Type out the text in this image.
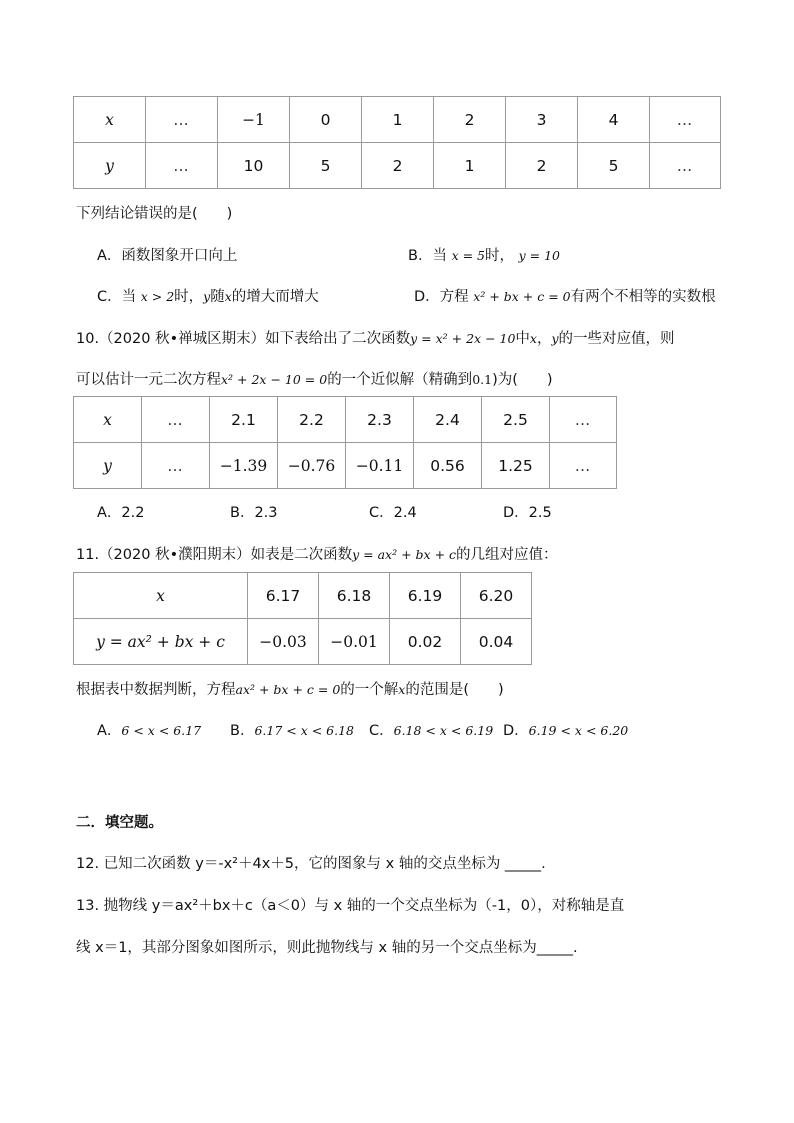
x	…	−1	0	1	2	3	4	…
y	…	10	5	2	1	2	5	…
下列结论错误的是(　　)
A．函数图象开口向上	B．当 x = 5时， y = 10
C．当 x > 2时，y随x的增大而增大	D．方程 x² + bx + c = 0有两个不相等的实数根
10.（2020 秋•禅城区期末）如下表给出了二次函数y = x² + 2x − 10中x，y的一些对应值，则
可以估计一元二次方程x² + 2x − 10 = 0的一个近似解（精确到0.1)为(　　)
x	…	2.1	2.2	2.3	2.4	2.5	…
y	…	−1.39	−0.76	−0.11	0.56	1.25	…
A．2.2	B．2.3	C．2.4	D．2.5
11.（2020 秋•濮阳期末）如表是二次函数y = ax² + bx + c的几组对应值：
x	6.17	6.18	6.19	6.20
y = ax² + bx + c	−0.03	−0.01	0.02	0.04
根据表中数据判断，方程ax² + bx + c = 0的一个解x的范围是(　　)
A．6 < x < 6.17 B．6.17 < x < 6.18 C．6.18 < x < 6.19 D．6.19 < x < 6.20
二．填空题。
12. 已知二次函数 y＝-x²＋4x＋5，它的图象与 x 轴的交点坐标为 _____.
13. 抛物线 y＝ax²＋bx＋c（a＜0）与 x 轴的一个交点坐标为（-1，0），对称轴是直
线 x＝1，其部分图象如图所示，则此抛物线与 x 轴的另一个交点坐标为_____.
